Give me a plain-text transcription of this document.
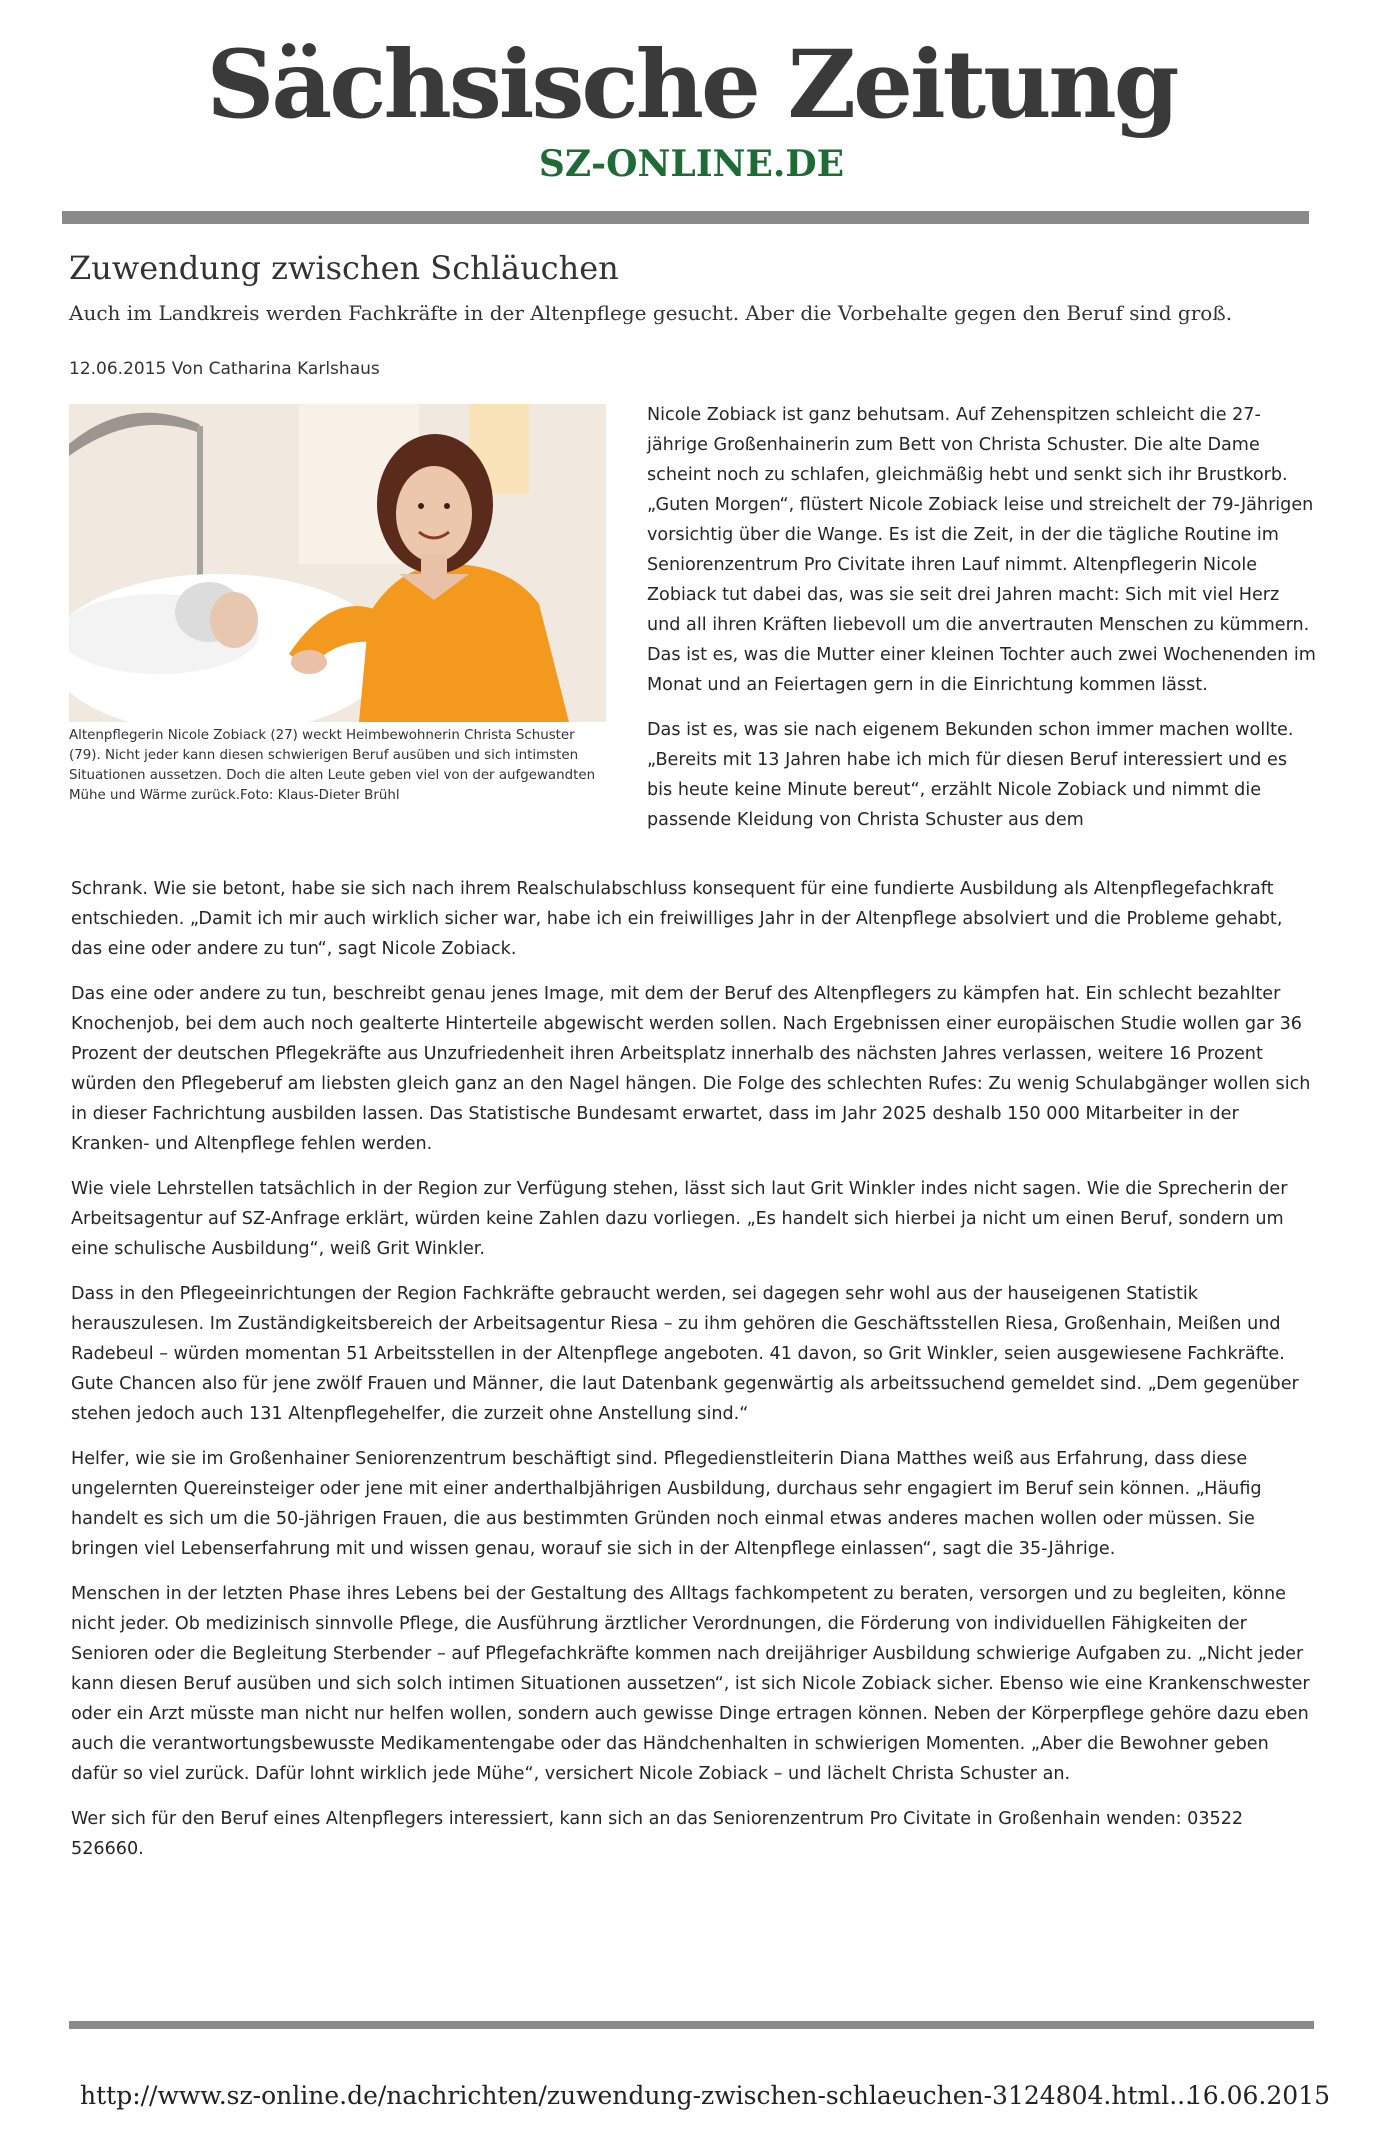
Sächsische Zeitung
SZ-ONLINE.DE
Zuwendung zwischen Schläuchen
Auch im Landkreis werden Fachkräfte in der Altenpflege gesucht. Aber die Vorbehalte gegen den Beruf sind groß.
12.06.2015 Von Catharina Karlshaus
Altenpflegerin Nicole Zobiack (27) weckt Heimbewohnerin Christa Schuster (79). Nicht jeder kann diesen schwierigen Beruf ausüben und sich intimsten Situationen aussetzen. Doch die alten Leute geben viel von der aufgewandten Mühe und Wärme zurück.Foto: Klaus-Dieter Brühl

Nicole Zobiack ist ganz behutsam. Auf Zehenspitzen schleicht die 27-jährige Großenhainerin zum Bett von Christa Schuster. Die alte Dame scheint noch zu schlafen, gleichmäßig hebt und senkt sich ihr Brustkorb. „Guten Morgen“, flüstert Nicole Zobiack leise und streichelt der 79-Jährigen vorsichtig über die Wange. Es ist die Zeit, in der die tägliche Routine im Seniorenzentrum Pro Civitate ihren Lauf nimmt. Altenpflegerin Nicole Zobiack tut dabei das, was sie seit drei Jahren macht: Sich mit viel Herz und all ihren Kräften liebevoll um die anvertrauten Menschen zu kümmern. Das ist es, was die Mutter einer kleinen Tochter auch zwei Wochenenden im Monat und an Feiertagen gern in die Einrichtung kommen lässt.

Das ist es, was sie nach eigenem Bekunden schon immer machen wollte. „Bereits mit 13 Jahren habe ich mich für diesen Beruf interessiert und es bis heute keine Minute bereut“, erzählt Nicole Zobiack und nimmt die passende Kleidung von Christa Schuster aus dem

Schrank. Wie sie betont, habe sie sich nach ihrem Realschulabschluss konsequent für eine fundierte Ausbildung als Altenpflegefachkraft entschieden. „Damit ich mir auch wirklich sicher war, habe ich ein freiwilliges Jahr in der Altenpflege absolviert und die Probleme gehabt, das eine oder andere zu tun“, sagt Nicole Zobiack.

Das eine oder andere zu tun, beschreibt genau jenes Image, mit dem der Beruf des Altenpflegers zu kämpfen hat. Ein schlecht bezahlter Knochenjob, bei dem auch noch gealterte Hinterteile abgewischt werden sollen. Nach Ergebnissen einer europäischen Studie wollen gar 36 Prozent der deutschen Pflegekräfte aus Unzufriedenheit ihren Arbeitsplatz innerhalb des nächsten Jahres verlassen, weitere 16 Prozent würden den Pflegeberuf am liebsten gleich ganz an den Nagel hängen. Die Folge des schlechten Rufes: Zu wenig Schulabgänger wollen sich in dieser Fachrichtung ausbilden lassen. Das Statistische Bundesamt erwartet, dass im Jahr 2025 deshalb 150 000 Mitarbeiter in der Kranken- und Altenpflege fehlen werden.

Wie viele Lehrstellen tatsächlich in der Region zur Verfügung stehen, lässt sich laut Grit Winkler indes nicht sagen. Wie die Sprecherin der Arbeitsagentur auf SZ-Anfrage erklärt, würden keine Zahlen dazu vorliegen. „Es handelt sich hierbei ja nicht um einen Beruf, sondern um eine schulische Ausbildung“, weiß Grit Winkler.

Dass in den Pflegeeinrichtungen der Region Fachkräfte gebraucht werden, sei dagegen sehr wohl aus der hauseigenen Statistik herauszulesen. Im Zuständigkeitsbereich der Arbeitsagentur Riesa – zu ihm gehören die Geschäftsstellen Riesa, Großenhain, Meißen und Radebeul – würden momentan 51 Arbeitsstellen in der Altenpflege angeboten. 41 davon, so Grit Winkler, seien ausgewiesene Fachkräfte. Gute Chancen also für jene zwölf Frauen und Männer, die laut Datenbank gegenwärtig als arbeitssuchend gemeldet sind. „Dem gegenüber stehen jedoch auch 131 Altenpflegehelfer, die zurzeit ohne Anstellung sind.“

Helfer, wie sie im Großenhainer Seniorenzentrum beschäftigt sind. Pflegedienstleiterin Diana Matthes weiß aus Erfahrung, dass diese ungelernten Quereinsteiger oder jene mit einer anderthalbjährigen Ausbildung, durchaus sehr engagiert im Beruf sein können. „Häufig handelt es sich um die 50-jährigen Frauen, die aus bestimmten Gründen noch einmal etwas anderes machen wollen oder müssen. Sie bringen viel Lebenserfahrung mit und wissen genau, worauf sie sich in der Altenpflege einlassen“, sagt die 35-Jährige.

Menschen in der letzten Phase ihres Lebens bei der Gestaltung des Alltags fachkompetent zu beraten, versorgen und zu begleiten, könne nicht jeder. Ob medizinisch sinnvolle Pflege, die Ausführung ärztlicher Verordnungen, die Förderung von individuellen Fähigkeiten der Senioren oder die Begleitung Sterbender – auf Pflegefachkräfte kommen nach dreijähriger Ausbildung schwierige Aufgaben zu. „Nicht jeder kann diesen Beruf ausüben und sich solch intimen Situationen aussetzen“, ist sich Nicole Zobiack sicher. Ebenso wie eine Krankenschwester oder ein Arzt müsste man nicht nur helfen wollen, sondern auch gewisse Dinge ertragen können. Neben der Körperpflege gehöre dazu eben auch die verantwortungsbewusste Medikamentengabe oder das Händchenhalten in schwierigen Momenten. „Aber die Bewohner geben dafür so viel zurück. Dafür lohnt wirklich jede Mühe“, versichert Nicole Zobiack – und lächelt Christa Schuster an.

Wer sich für den Beruf eines Altenpflegers interessiert, kann sich an das Seniorenzentrum Pro Civitate in Großenhain wenden: 03522 526660.

http://www.sz-online.de/nachrichten/zuwendung-zwischen-schlaeuchen-3124804.html...
16.06.2015
